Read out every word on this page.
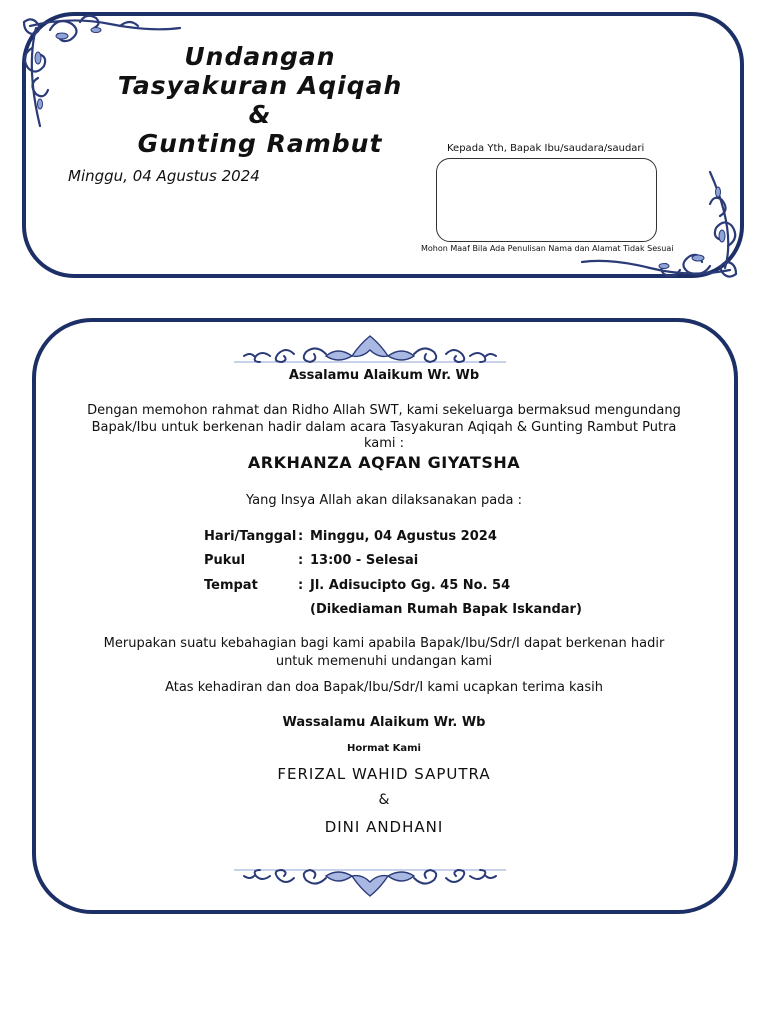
Undangan
Tasyakuran Aqiqah
&
Gunting Rambut
Minggu, 04 Agustus 2024
Kepada Yth, Bapak Ibu/saudara/saudari
Mohon Maaf Bila Ada Penulisan Nama dan Alamat Tidak Sesuai
Assalamu Alaikum Wr. Wb
Dengan memohon rahmat dan Ridho Allah SWT, kami sekeluarga bermaksud mengundang
Bapak/Ibu untuk berkenan hadir dalam acara Tasyakuran Aqiqah & Gunting Rambut Putra
kami :
ARKHANZA AQFAN GIYATSHA
Yang Insya Allah akan dilaksanakan pada :
Hari/Tanggal : Minggu, 04 Agustus 2024
Pukul	: 13:00 - Selesai
Tempat	: Jl. Adisucipto Gg. 45 No. 54
(Dikediaman Rumah Bapak Iskandar)
Merupakan suatu kebahagian bagi kami apabila Bapak/Ibu/Sdr/I dapat berkenan hadir
untuk memenuhi undangan kami
Atas kehadiran dan doa Bapak/Ibu/Sdr/I kami ucapkan terima kasih
Wassalamu Alaikum Wr. Wb
Hormat Kami
FERIZAL WAHID SAPUTRA
&
DINI ANDHANI
